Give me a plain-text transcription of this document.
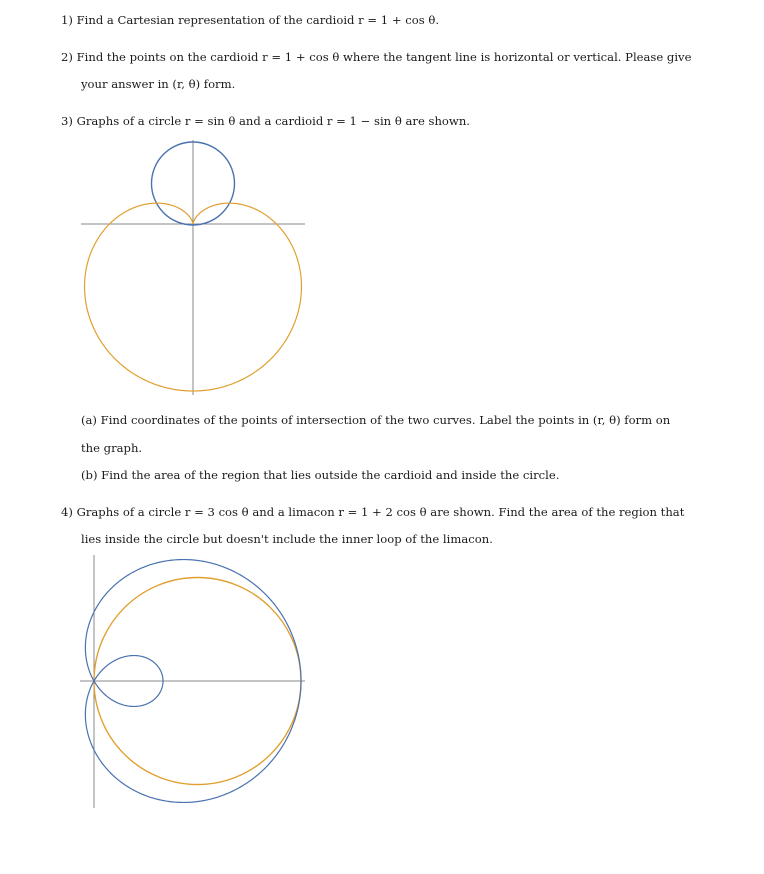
1) Find a Cartesian representation of the cardioid r = 1 + cos θ.
2) Find the points on the cardioid r = 1 + cos θ where the tangent line is horizontal or vertical. Please give
your answer in (r, θ) form.
3) Graphs of a circle r = sin θ and a cardioid r = 1 − sin θ are shown.
(a) Find coordinates of the points of intersection of the two curves. Label the points in (r, θ) form on
the graph.
(b) Find the area of the region that lies outside the cardioid and inside the circle.
4) Graphs of a circle r = 3 cos θ and a limacon r = 1 + 2 cos θ are shown. Find the area of the region that
lies inside the circle but doesn't include the inner loop of the limacon.
